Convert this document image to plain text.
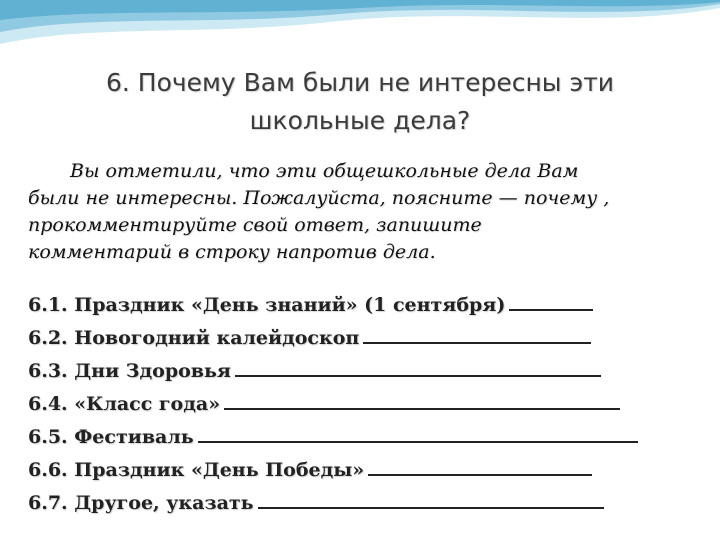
6. Почему Вам были не интересны эти
школьные дела?
Вы отметили, что эти общешкольные дела Вам
были не интересны. Пожалуйста, поясните — почему ,
прокомментируйте свой ответ, запишите
комментарий в строку напротив дела.
6.1. Праздник «День знаний» (1 сентября)
6.2. Новогодний калейдоскоп
6.3. Дни Здоровья
6.4. «Класс года»
6.5. Фестиваль
6.6. Праздник «День Победы»
6.7. Другое, указать
